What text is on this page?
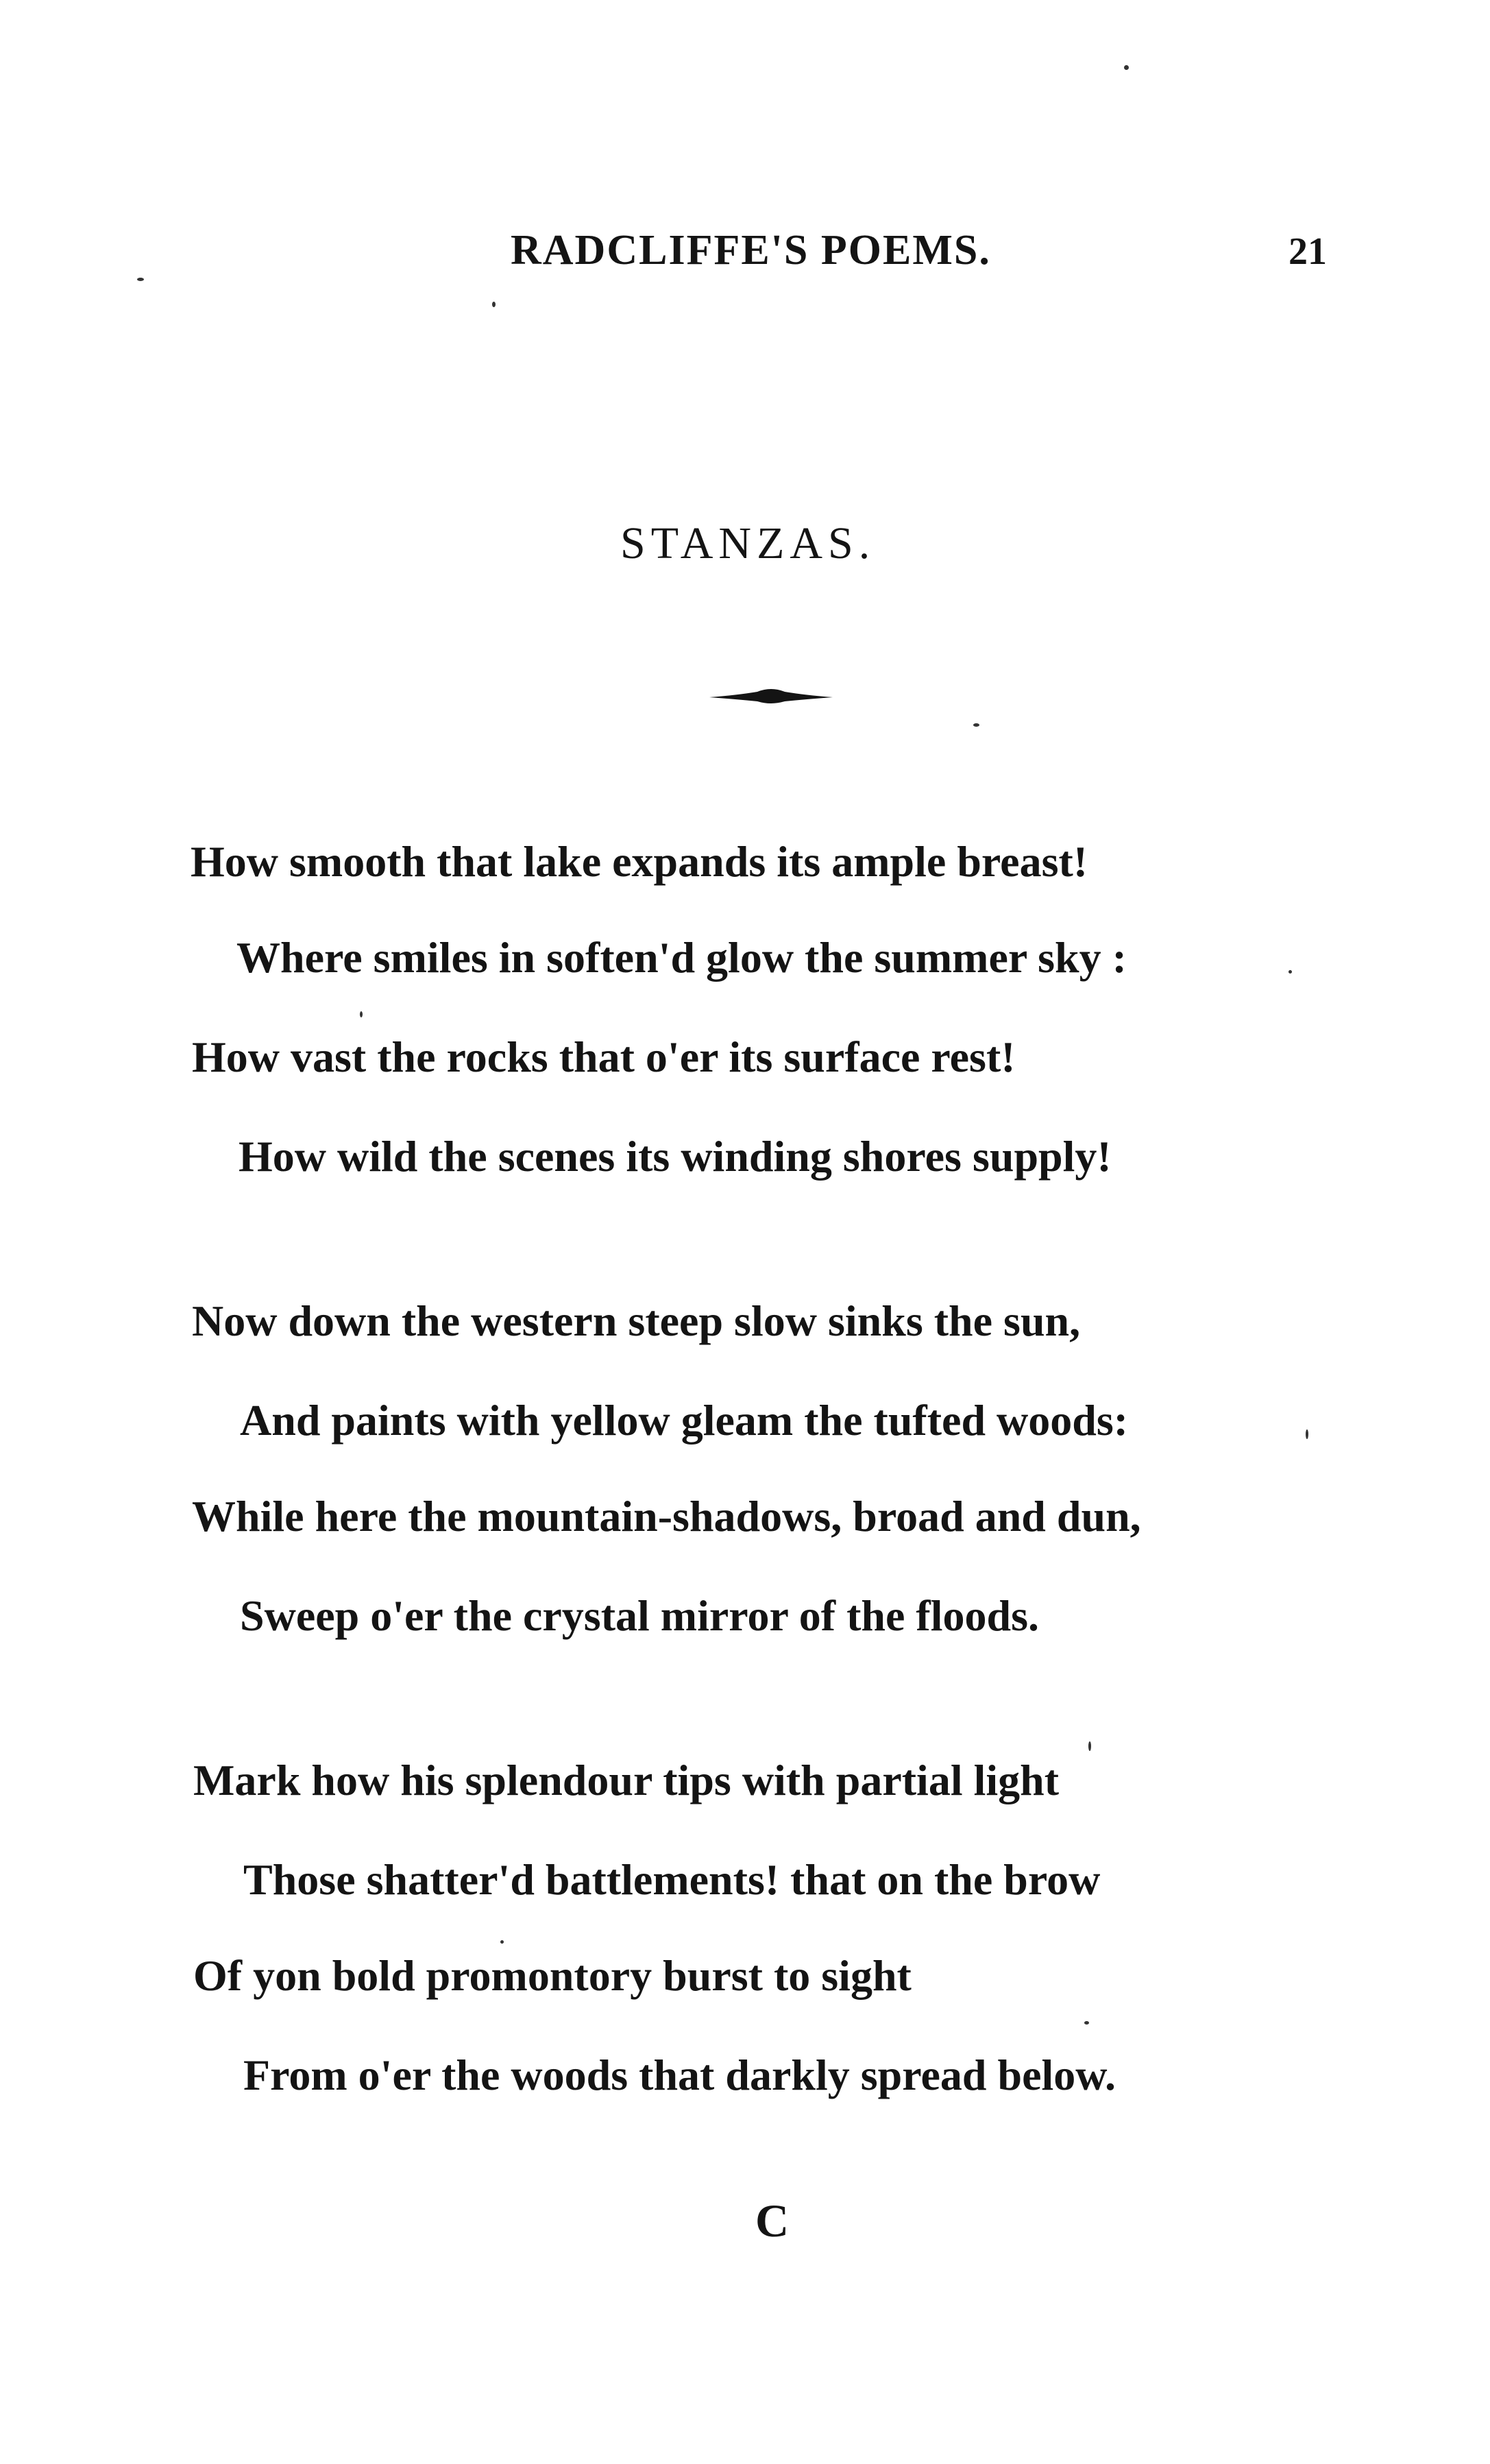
RADCLIFFE'S POEMS.	21
STANZAS.
How smooth that lake expands its ample breast!
Where smiles in soften'd glow the summer sky :
How vast the rocks that o'er its surface rest!
How wild the scenes its winding shores supply!
Now down the western steep slow sinks the sun,
And paints with yellow gleam the tufted woods:
While here the mountain-shadows, broad and dun,
Sweep o'er the crystal mirror of the floods.
Mark how his splendour tips with partial light
Those shatter'd battlements! that on the brow
Of yon bold promontory burst to sight
From o'er the woods that darkly spread below.
C
